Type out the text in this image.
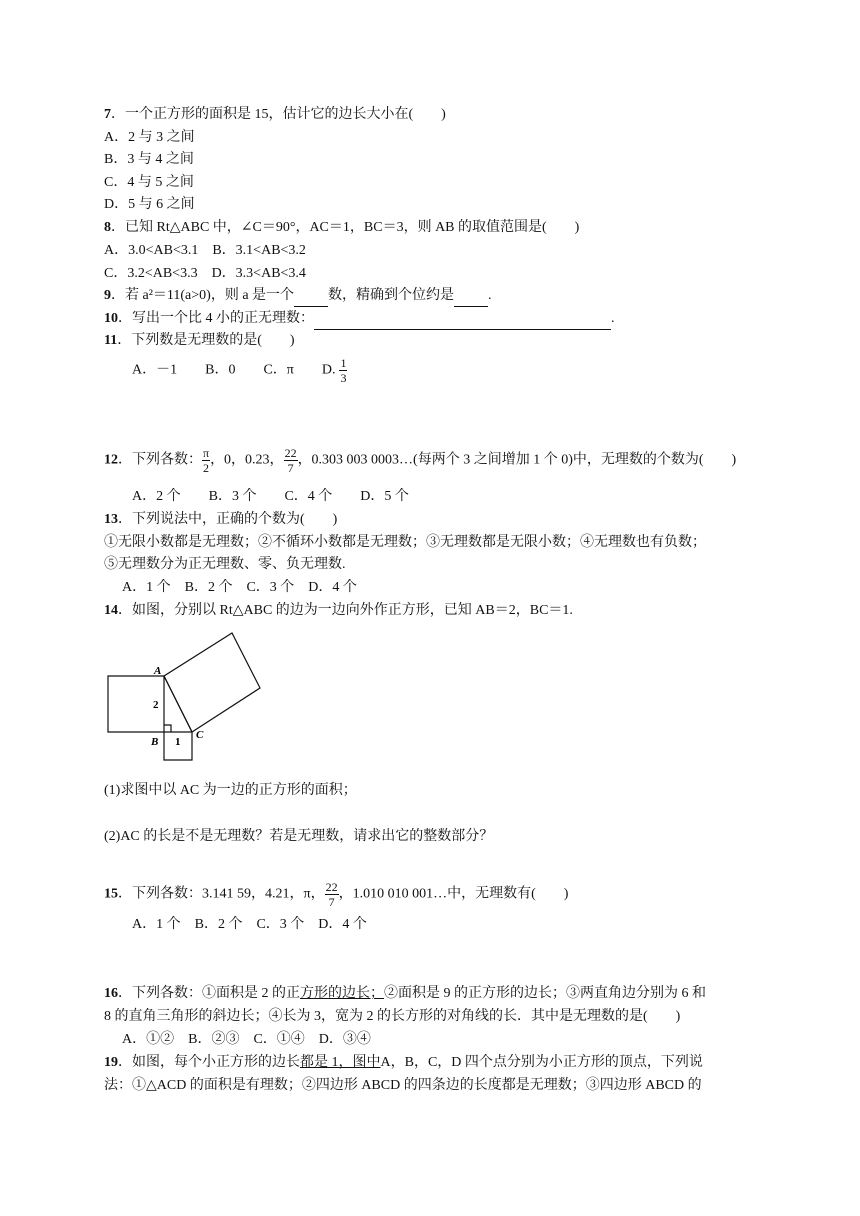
7．一个正方形的面积是 15，估计它的边长大小在(　　)
A．2 与 3 之间
B．3 与 4 之间
C．4 与 5 之间
D．5 与 6 之间
8．已知 Rt△ABC 中，∠C＝90°，AC＝1，BC＝3，则 AB 的取值范围是(　　)
A．3.0<AB<3.1　B．3.1<AB<3.2
C．3.2<AB<3.3　D．3.3<AB<3.4
9．若 a²＝11(a>0)，则 a 是一个 数，精确到个位约是 .
10．写出一个比 4 小的正无理数：	.
11．下列数是无理数的是(　　)
A．－1　　B．0　　C．π　　D. $\frac{1}{3}$
12．下列各数： $\frac{\pi}{2}$ ，0，0.23， $\frac{22}{7}$ ，0.303 003 0003…(每两个 3 之间增加 1 个 0)中，无理数的个数为(　　)
A．2 个　　B．3 个　　C．4 个　　D．5 个
13．下列说法中，正确的个数为(　　)
①无限小数都是无理数；②不循环小数都是无理数；③无理数都是无限小数；④无理数也有负数；
⑤无理数分为正无理数、零、负无理数.
A．1 个　B．2 个　C．3 个　D．4 个
14．如图，分别以 Rt△ABC 的边为一边向外作正方形，已知 AB＝2，BC＝1.
A
B
C
2
1
(1)求图中以 AC 为一边的正方形的面积；
(2)AC 的长是不是无理数？若是无理数，请求出它的整数部分？
15．下列各数：3.141 59，4.21，π， $\frac{22}{7}$ ，1.010 010 001…中，无理数有(　　)
A．1 个　B．2 个　C．3 个　D．4 个
16．下列各数：①面积是 2 的正方形的边长；②面积是 9 的正方形的边长；③两直角边分别为 6 和
8 的直角三角形的斜边长；④长为 3，宽为 2 的长方形的对角线的长．其中是无理数的是(　　)
A．①②　B．②③　C．①④　D．③④
19．如图，每个小正方形的边长都是 1，图中A，B，C，D 四个点分别为小正方形的顶点，下列说
法：①△ACD 的面积是有理数；②四边形 ABCD 的四条边的长度都是无理数；③四边形 ABCD 的
